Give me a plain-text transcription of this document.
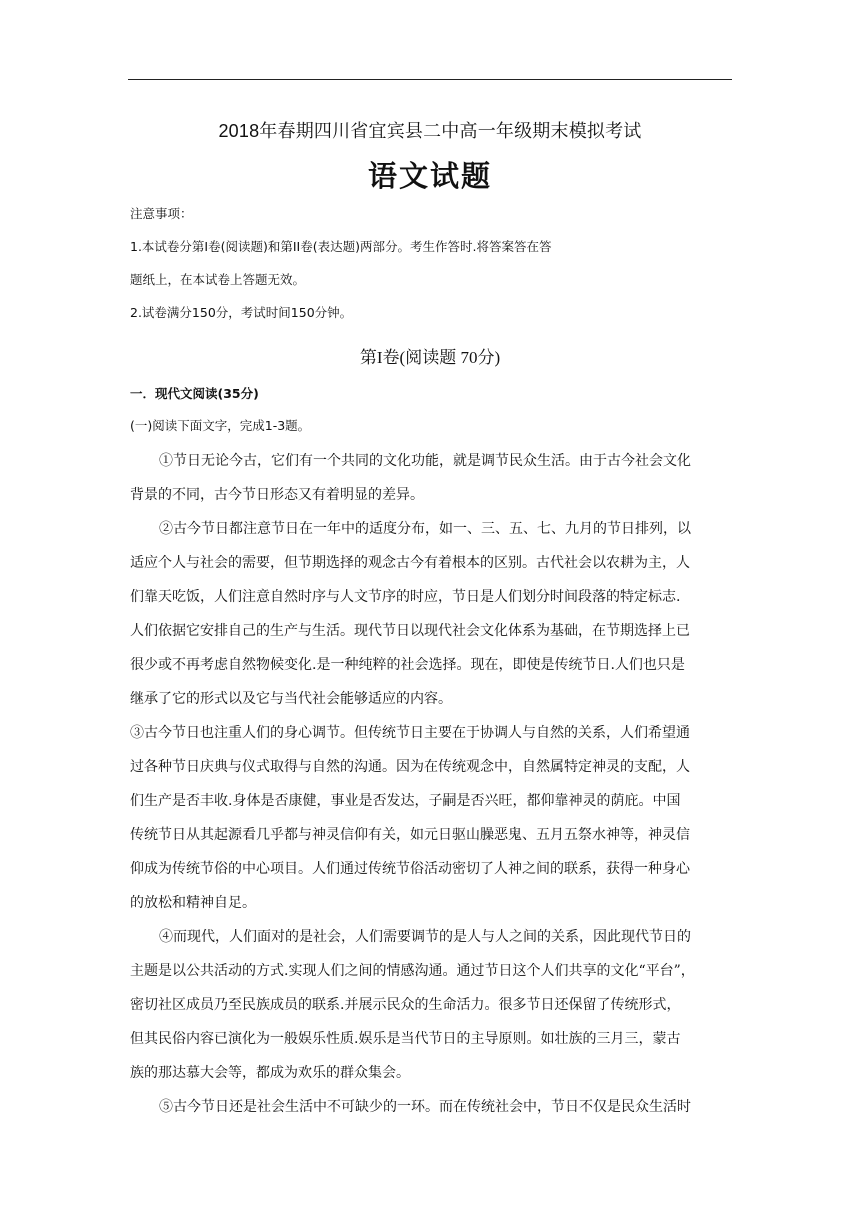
2018年春期四川省宜宾县二中高一年级期末模拟考试
语文试题
注意事项：
1.本试卷分第Ⅰ卷(阅读题)和第II卷(表达题)两部分。考生作答时.将答案答在答
题纸上，在本试卷上答题无效。
2.试卷满分150分，考试时间150分钟。
第I卷(阅读题 70分)
一．现代文阅读(35分)
(一)阅读下面文字，完成1-3题。
①节日无论今古，它们有一个共同的文化功能，就是调节民众生活。由于古今社会文化
背景的不同，古今节日形态又有着明显的差异。
②古今节日都注意节日在一年中的适度分布，如一、三、五、七、九月的节日排列，以
适应个人与社会的需要，但节期选择的观念古今有着根本的区别。古代社会以农耕为主，人
们靠天吃饭，人们注意自然时序与人文节序的时应，节日是人们划分时间段落的特定标志.
人们依据它安排自己的生产与生活。现代节日以现代社会文化体系为基础，在节期选择上已
很少或不再考虑自然物候变化.是一种纯粹的社会选择。现在，即使是传统节日.人们也只是
继承了它的形式以及它与当代社会能够适应的内容。
③古今节日也注重人们的身心调节。但传统节日主要在于协调人与自然的关系，人们希望通
过各种节日庆典与仪式取得与自然的沟通。因为在传统观念中，自然属特定神灵的支配，人
们生产是否丰收.身体是否康健，事业是否发达，子嗣是否兴旺，都仰靠神灵的荫庇。中国
传统节日从其起源看几乎都与神灵信仰有关，如元日驱山臊恶鬼、五月五祭水神等，神灵信
仰成为传统节俗的中心项目。人们通过传统节俗活动密切了人神之间的联系，获得一种身心
的放松和精神自足。
④而现代，人们面对的是社会，人们需要调节的是人与人之间的关系，因此现代节日的
主题是以公共活动的方式.实现人们之间的情感沟通。通过节日这个人们共享的文化“平台”，
密切社区成员乃至民族成员的联系.并展示民众的生命活力。很多节日还保留了传统形式，
但其民俗内容已演化为一般娱乐性质.娱乐是当代节日的主导原则。如壮族的三月三，蒙古
族的那达慕大会等，都成为欢乐的群众集会。
⑤古今节日还是社会生活中不可缺少的一环。而在传统社会中，节日不仅是民众生活时
